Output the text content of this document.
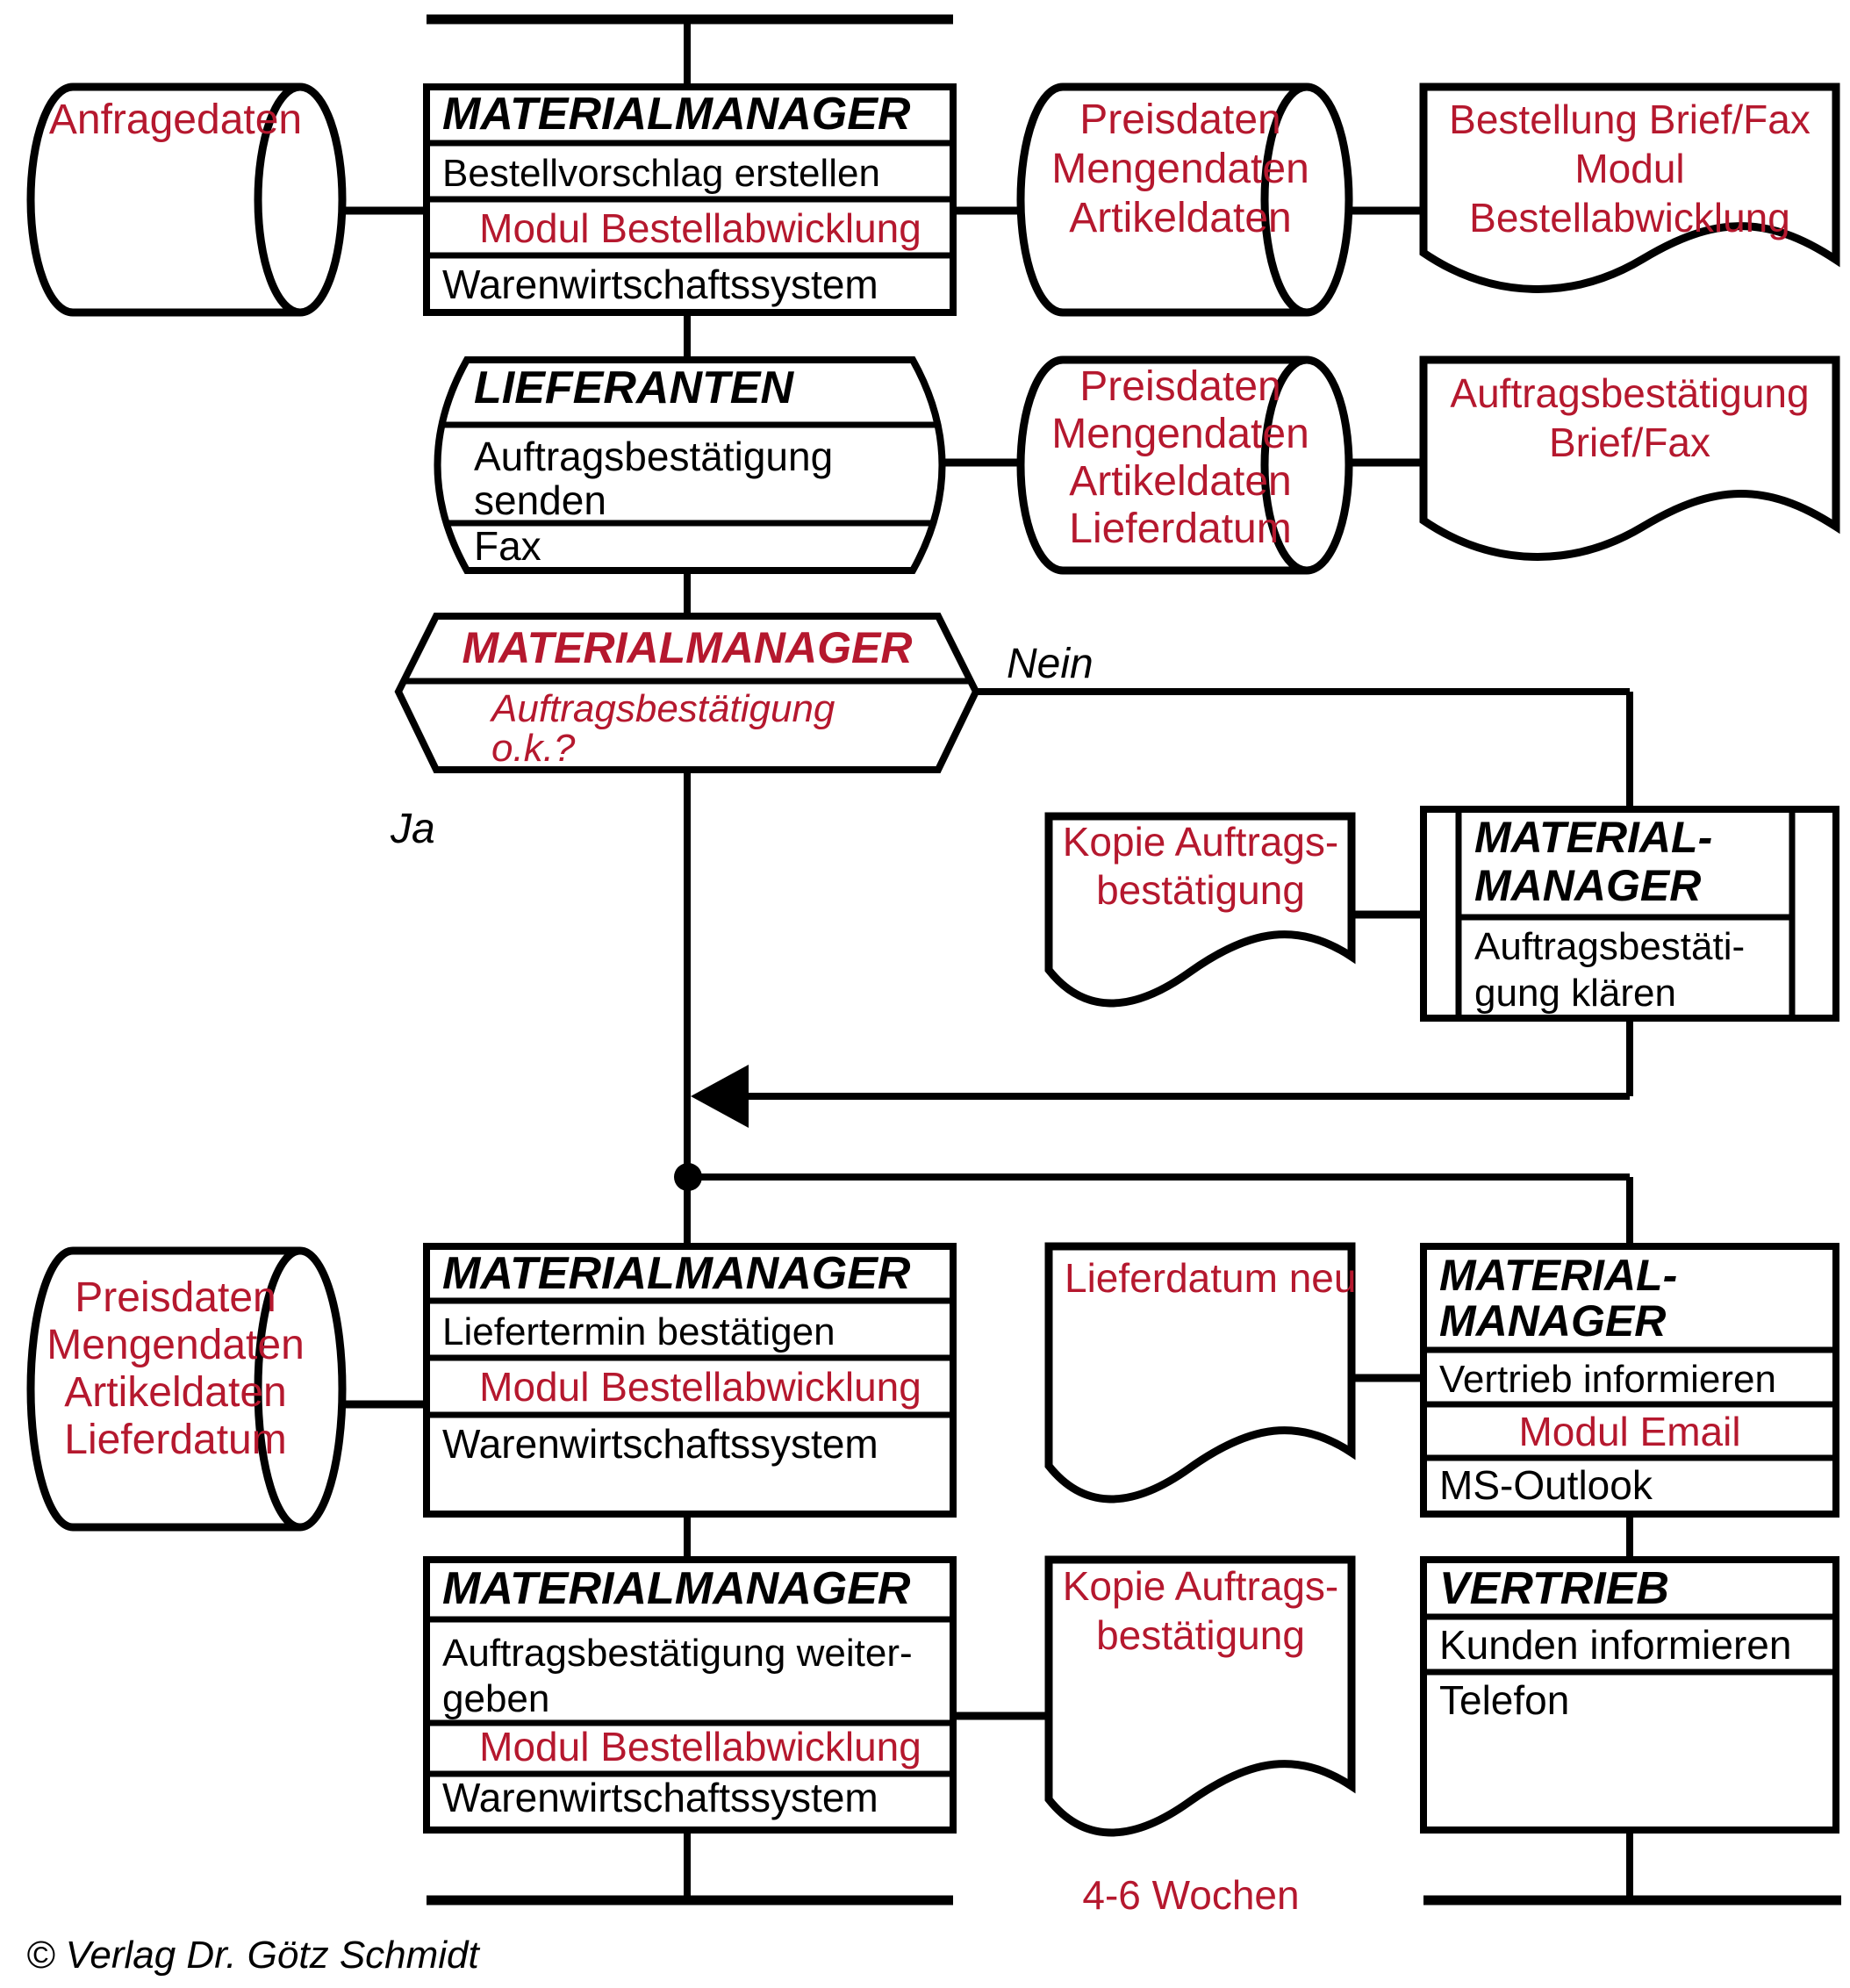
Anfragedaten	MATERIALMANAGER
Bestellvorschlag erstellen
Modul Bestellabwicklung
Warenwirtschaftssystem
Preisdaten
Mengendaten
Artikeldaten
Bestellung Brief/Fax
Modul
Bestellabwicklung
LIEFERANTEN
Auftragsbestätigung
senden
Fax
Preisdaten
Mengendaten
Artikeldaten
Lieferdatum
Auftragsbestätigung
Brief/Fax
MATERIALMANAGER
Auftragsbestätigung
o.k.?
Nein
Ja	Kopie Auftrags-
bestätigung
MATERIAL-
MANAGER
Auftragsbestäti-
gung klären
Preisdaten
Mengendaten
Artikeldaten
Lieferdatum
MATERIALMANAGER
Liefertermin bestätigen
Modul Bestellabwicklung
Warenwirtschaftssystem
Lieferdatum neu MATERIAL-
MANAGER
Vertrieb informieren
Modul Email
MS-Outlook
MATERIALMANAGER
Auftragsbestätigung weiter-
geben
Modul Bestellabwicklung
Warenwirtschaftssystem
Kopie Auftrags-
bestätigung
4-6 Wochen
VERTRIEB
Kunden informieren
Telefon
© Verlag Dr. Götz Schmidt
